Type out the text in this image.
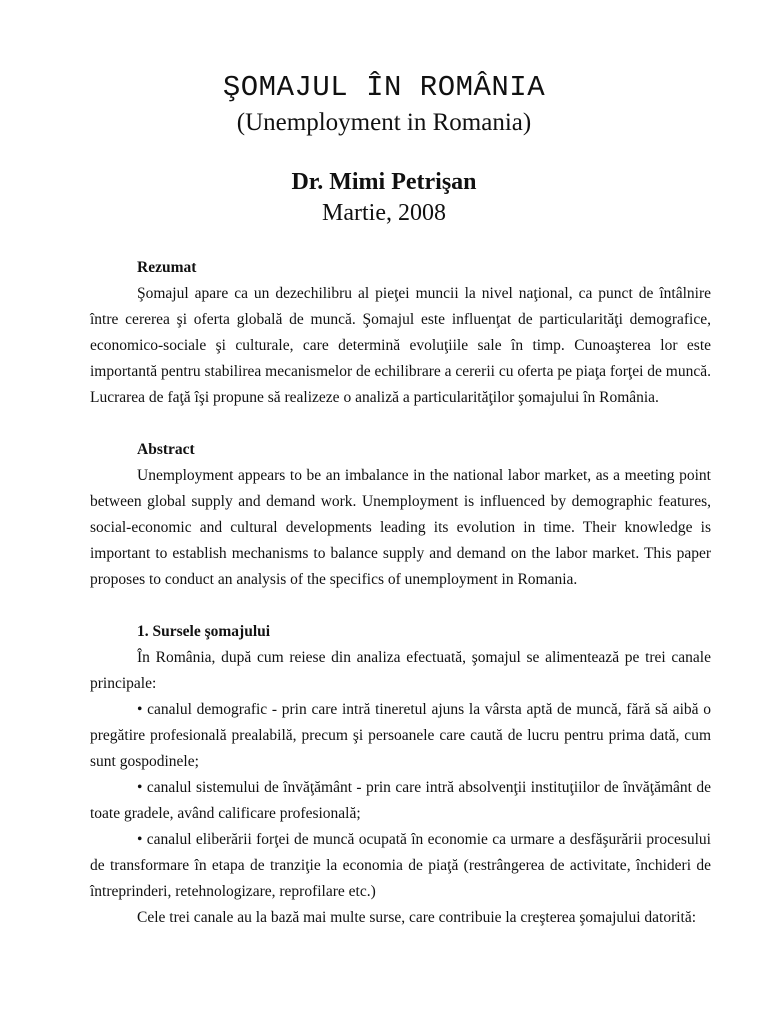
ŞOMAJUL ÎN ROMÂNIA
(Unemployment in Romania)
Dr. Mimi Petrişan
Martie, 2008
Rezumat

Şomajul apare ca un dezechilibru al pieţei muncii la nivel naţional, ca punct de întâlnire între cererea şi oferta globală de muncă. Şomajul este influenţat de particularităţi demografice, economico-sociale şi culturale, care determină evoluţiile sale în timp. Cunoaşterea lor este importantă pentru stabilirea mecanismelor de echilibrare a cererii cu oferta pe piaţa forţei de muncă. Lucrarea de faţă îşi propune să realizeze o analiză a particularităţilor şomajului în România.

Abstract

Unemployment appears to be an imbalance in the national labor market, as a meeting point between global supply and demand work. Unemployment is influenced by demographic features, social-economic and cultural developments leading its evolution in time. Their knowledge is important to establish mechanisms to balance supply and demand on the labor market. This paper proposes to conduct an analysis of the specifics of unemployment in Romania.

1. Sursele şomajului

În România, după cum reiese din analiza efectuată, şomajul se alimentează pe trei canale principale:

• canalul demografic - prin care intră tineretul ajuns la vârsta aptă de muncă, fără să aibă o pregătire profesională prealabilă, precum şi persoanele care caută de lucru pentru prima dată, cum sunt gospodinele;

• canalul sistemului de învăţământ - prin care intră absolvenţii instituţiilor de învăţământ de toate gradele, având calificare profesională;

• canalul eliberării forţei de muncă ocupată în economie ca urmare a desfăşurării procesului de transformare în etapa de tranziţie la economia de piaţă (restrângerea de activitate, închideri de întreprinderi, retehnologizare, reprofilare etc.)

Cele trei canale au la bază mai multe surse, care contribuie la creşterea şomajului datorită:
